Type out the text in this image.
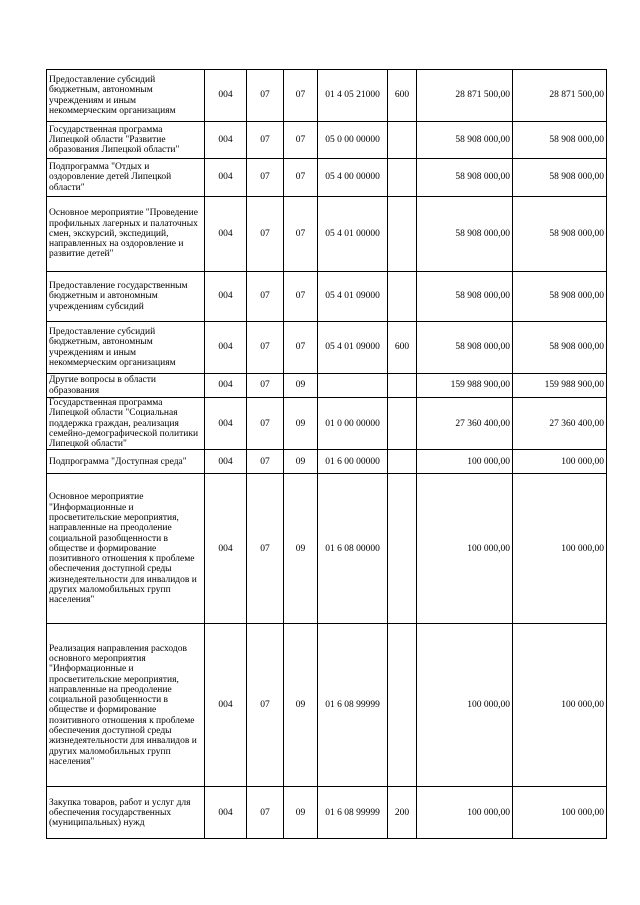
Предоставление субсидий бюджетным, автономным учреждениям и иным некоммерческим организациям	004	07	07	01 4 05 21000	600	28 871 500,00	28 871 500,00
Государственная программа Липецкой области "Развитие образования Липецкой области"	004	07	07	05 0 00 00000		58 908 000,00	58 908 000,00
Подпрограмма "Отдых и оздоровление детей Липецкой области"	004	07	07	05 4 00 00000		58 908 000,00	58 908 000,00
Основное мероприятие "Проведение профильных лагерных и палаточных смен, экскурсий, экспедиций, направленных на оздоровление и развитие детей"	004	07	07	05 4 01 00000		58 908 000,00	58 908 000,00
Предоставление государственным бюджетным и автономным учреждениям субсидий	004	07	07	05 4 01 09000		58 908 000,00	58 908 000,00
Предоставление субсидий бюджетным, автономным учреждениям и иным некоммерческим организациям	004	07	07	05 4 01 09000	600	58 908 000,00	58 908 000,00
Другие вопросы в области образования	004	07	09			159 988 900,00	159 988 900,00
Государственная программа Липецкой области "Социальная поддержка граждан, реализация семейно-демографической политики Липецкой области"	004	07	09	01 0 00 00000		27 360 400,00	27 360 400,00
Подпрограмма "Доступная среда"	004	07	09	01 6 00 00000		100 000,00	100 000,00
Основное мероприятие "Информационные и просветительские мероприятия, направленные на преодоление социальной разобщенности в обществе и формирование позитивного отношения к проблеме обеспечения доступной среды жизнедеятельности для инвалидов и других маломобильных групп населения"	004	07	09	01 6 08 00000		100 000,00	100 000,00
Реализация направления расходов основного мероприятия "Информационные и просветительские мероприятия, направленные на преодоление социальной разобщенности в обществе и формирование позитивного отношения к проблеме обеспечения доступной среды жизнедеятельности для инвалидов и других маломобильных групп населения"	004	07	09	01 6 08 99999		100 000,00	100 000,00
Закупка товаров, работ и услуг для обеспечения государственных (муниципальных) нужд	004	07	09	01 6 08 99999	200	100 000,00	100 000,00
